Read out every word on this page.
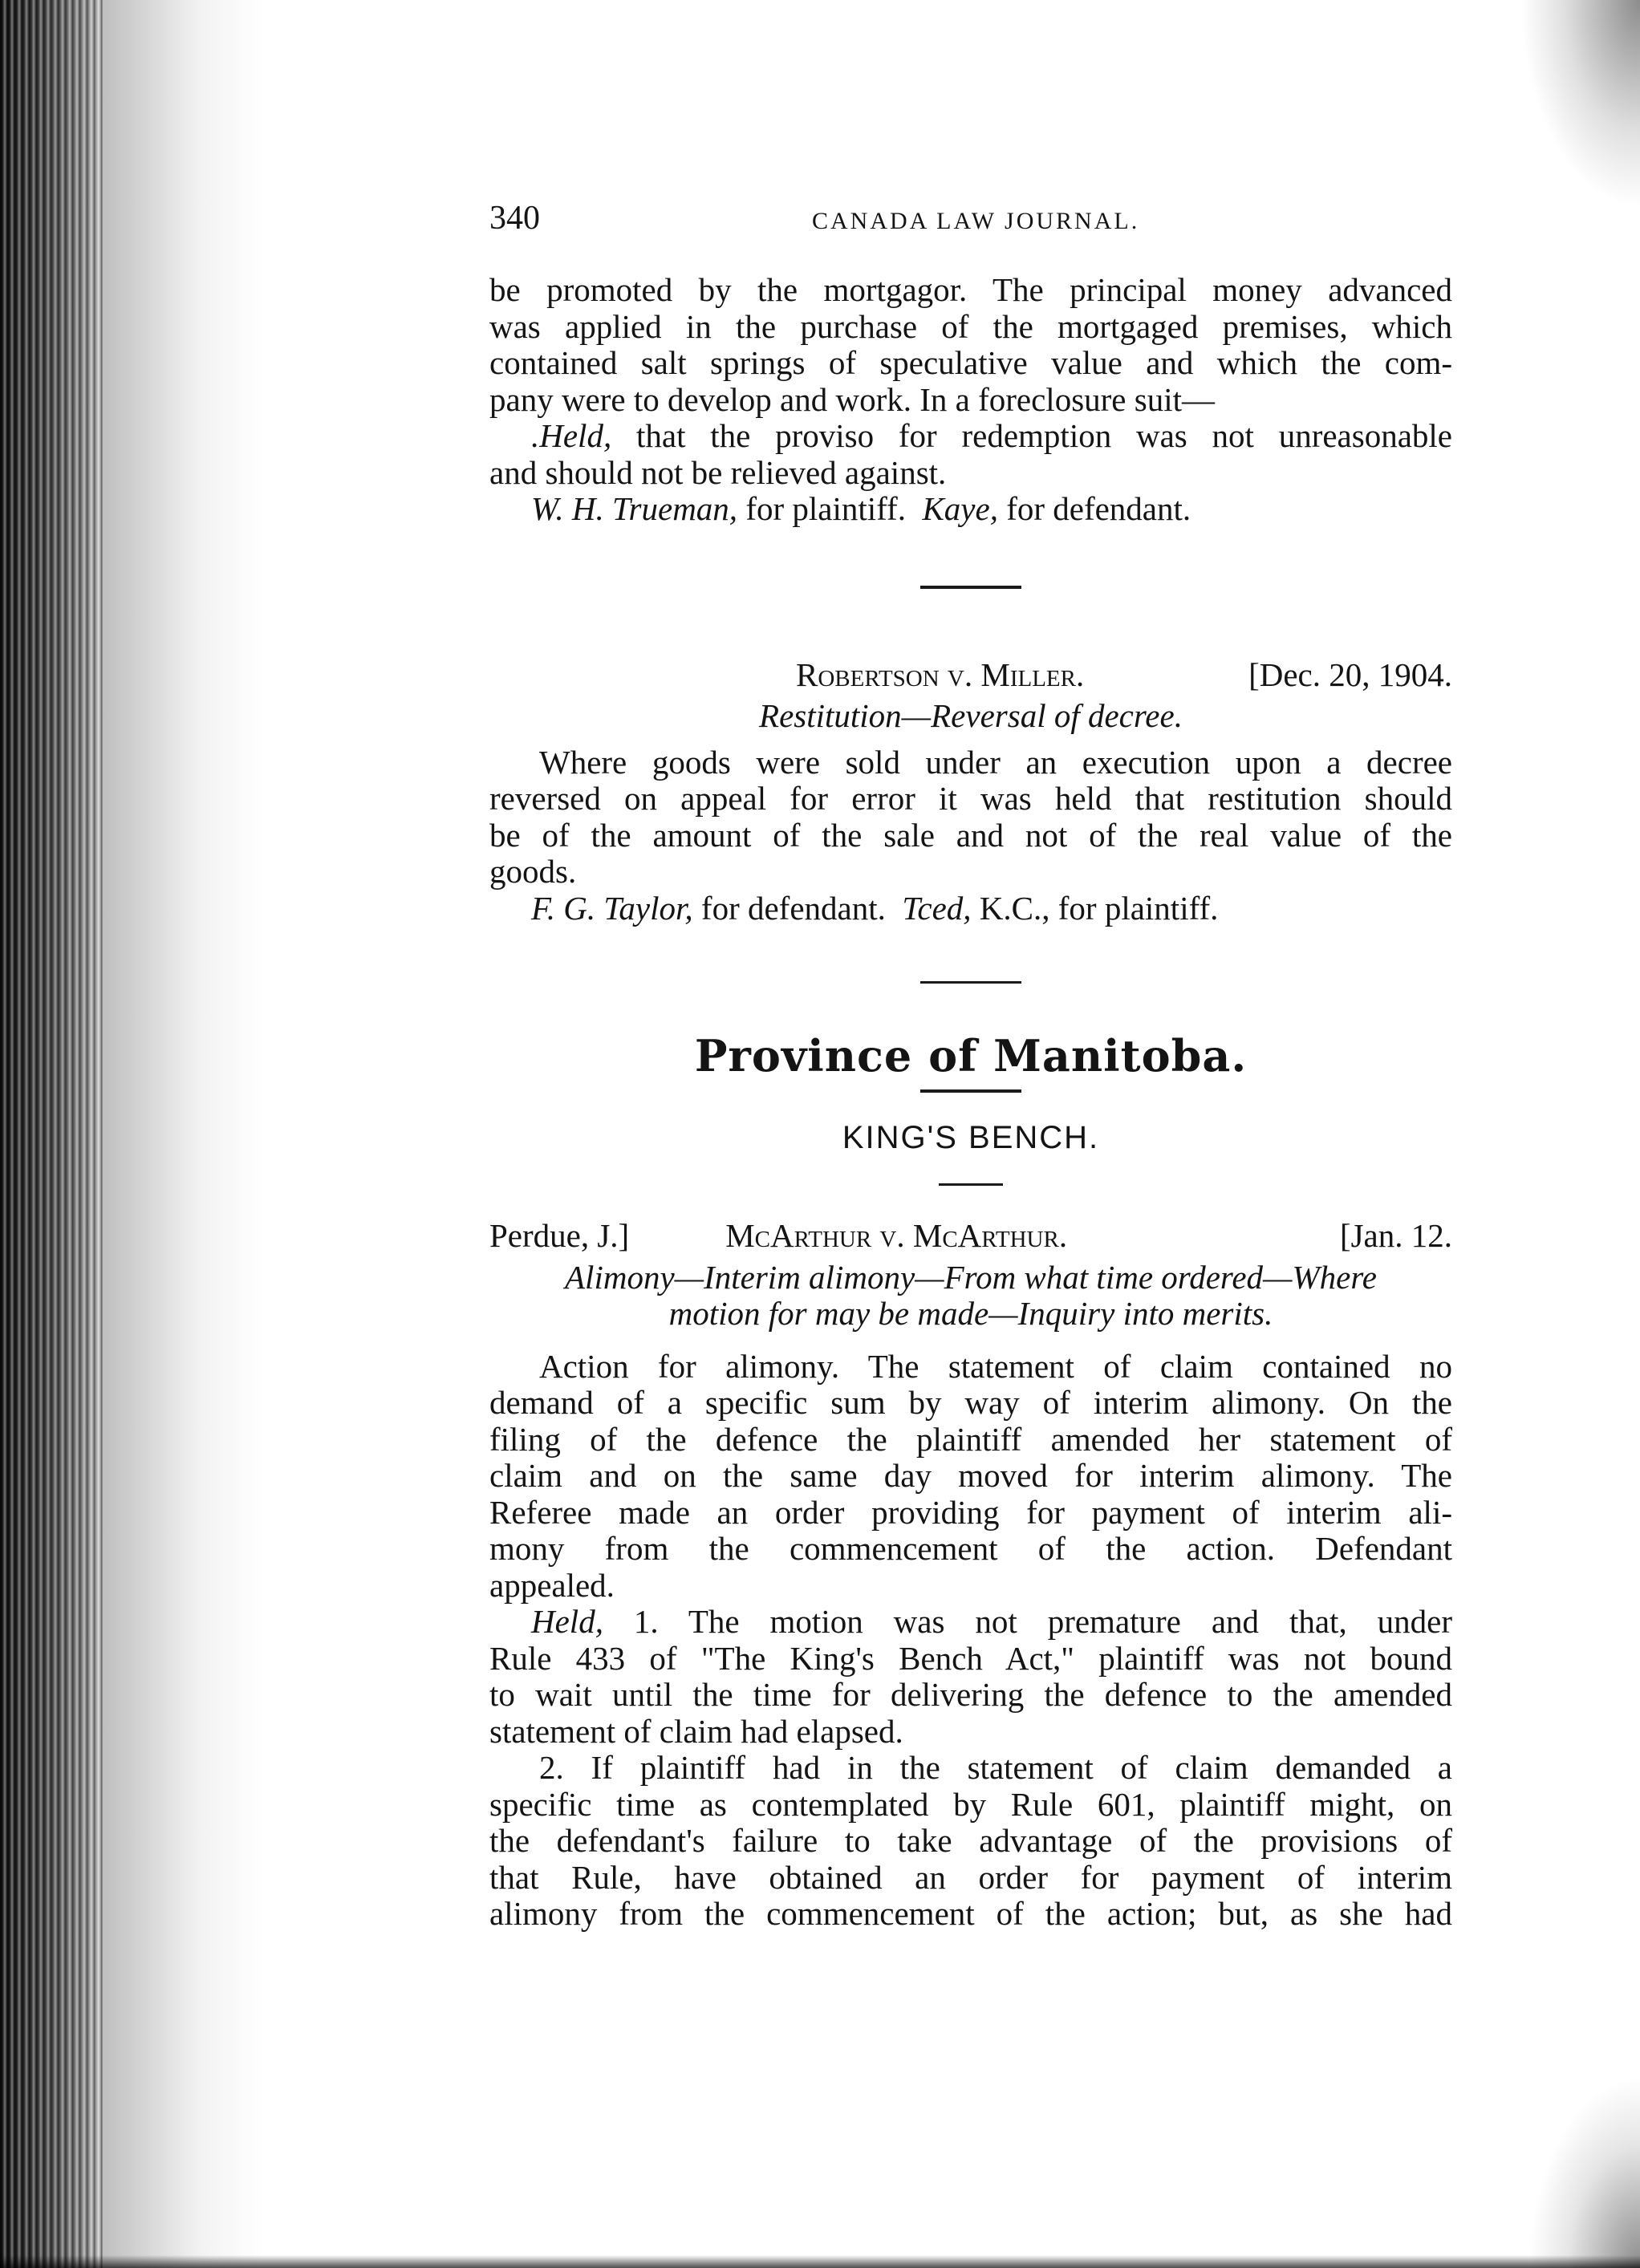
340	CANADA LAW JOURNAL.

be promoted by the mortgagor. The principal money advanced

was applied in the purchase of the mortgaged premises, which

contained salt springs of speculative value and which the com-

pany were to develop and work. In a foreclosure suit—

.Held, that the proviso for redemption was not unreasonable

and should not be relieved against.

W. H. Trueman, for plaintiff. Kaye, for defendant.

Robertson v. Miller.	[Dec. 20, 1904.

Restitution—Reversal of decree.

Where goods were sold under an execution upon a decree

reversed on appeal for error it was held that restitution should

be of the amount of the sale and not of the real value of the

goods.

F. G. Taylor, for defendant. Tced, K.C., for plaintiff.

Province of Manitoba.
KING'S BENCH.
Perdue, J.]	McArthur v. McArthur.	[Jan. 12.

Alimony—Interim alimony—From what time ordered—Where

motion for may be made—Inquiry into merits.

Action for alimony. The statement of claim contained no

demand of a specific sum by way of interim alimony. On the

filing of the defence the plaintiff amended her statement of

claim and on the same day moved for interim alimony. The

Referee made an order providing for payment of interim ali-

mony from the commencement of the action. Defendant

appealed.

Held, 1. The motion was not premature and that, under

Rule 433 of "The King's Bench Act," plaintiff was not bound

to wait until the time for delivering the defence to the amended

statement of claim had elapsed.

2. If plaintiff had in the statement of claim demanded a

specific time as contemplated by Rule 601, plaintiff might, on

the defendant's failure to take advantage of the provisions of

that Rule, have obtained an order for payment of interim

alimony from the commencement of the action; but, as she had
